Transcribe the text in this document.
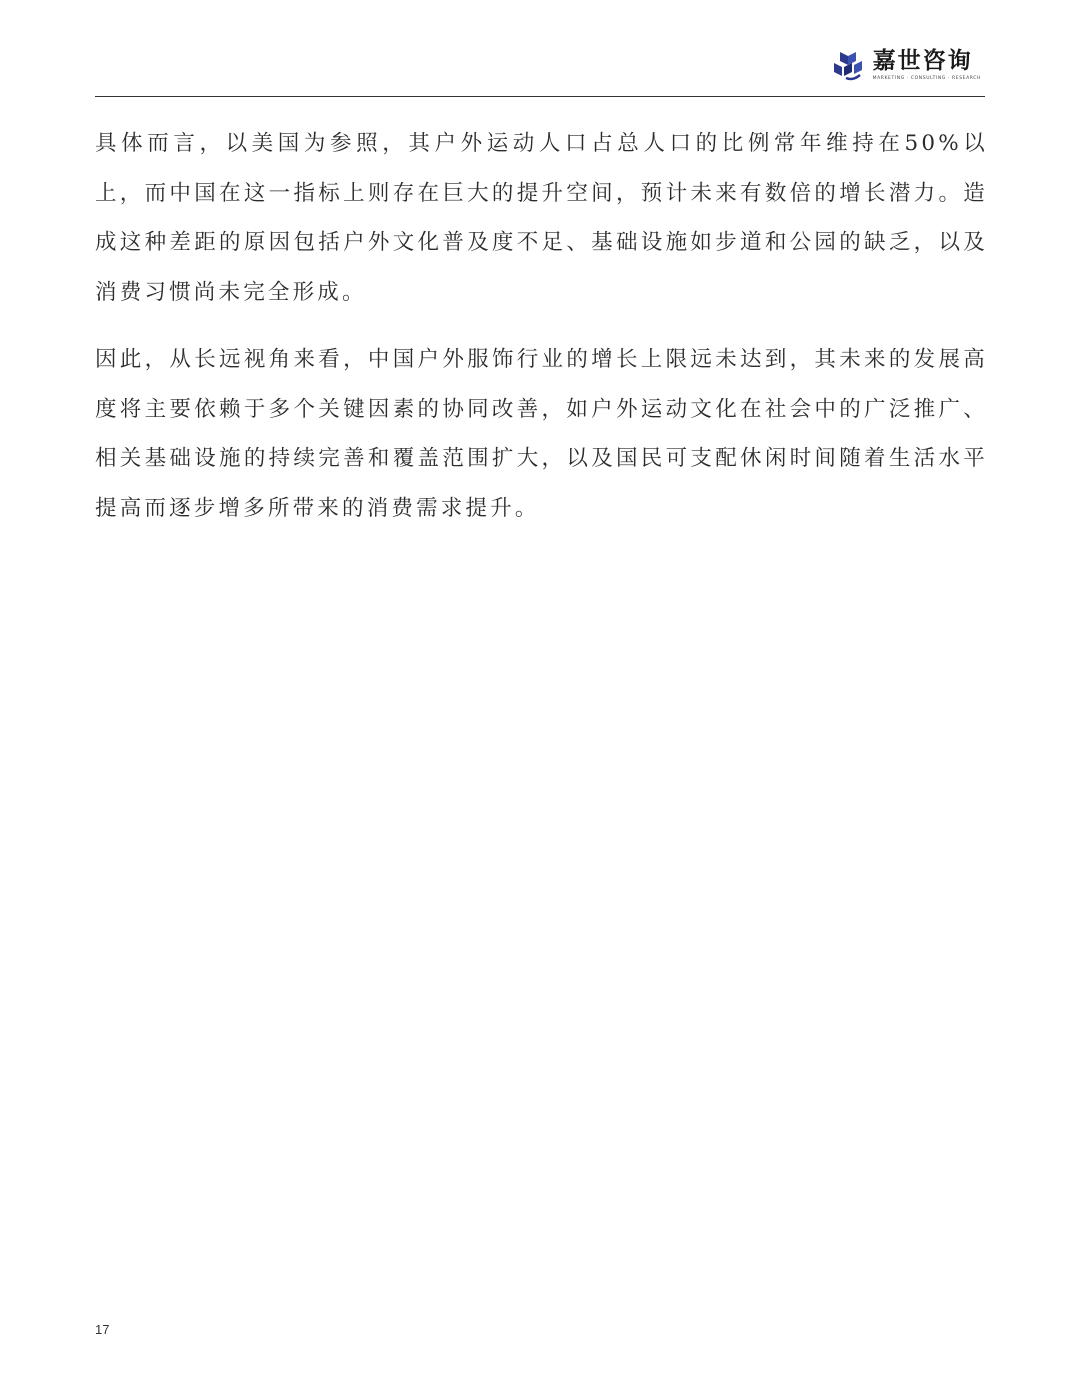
嘉世咨询
MARKETING · CONSULTING · RESEARCH

具体而言，以美国为参照，其户外运动人口占总人口的比例常年维持在50%以上，而中国在这一指标上则存在巨大的提升空间，预计未来有数倍的增长潜力。造成这种差距的原因包括户外文化普及度不足、基础设施如步道和公园的缺乏，以及消费习惯尚未完全形成。

因此，从长远视角来看，中国户外服饰行业的增长上限远未达到，其未来的发展高度将主要依赖于多个关键因素的协同改善，如户外运动文化在社会中的广泛推广、相关基础设施的持续完善和覆盖范围扩大，以及国民可支配休闲时间随着生活水平提高而逐步增多所带来的消费需求提升。

17
